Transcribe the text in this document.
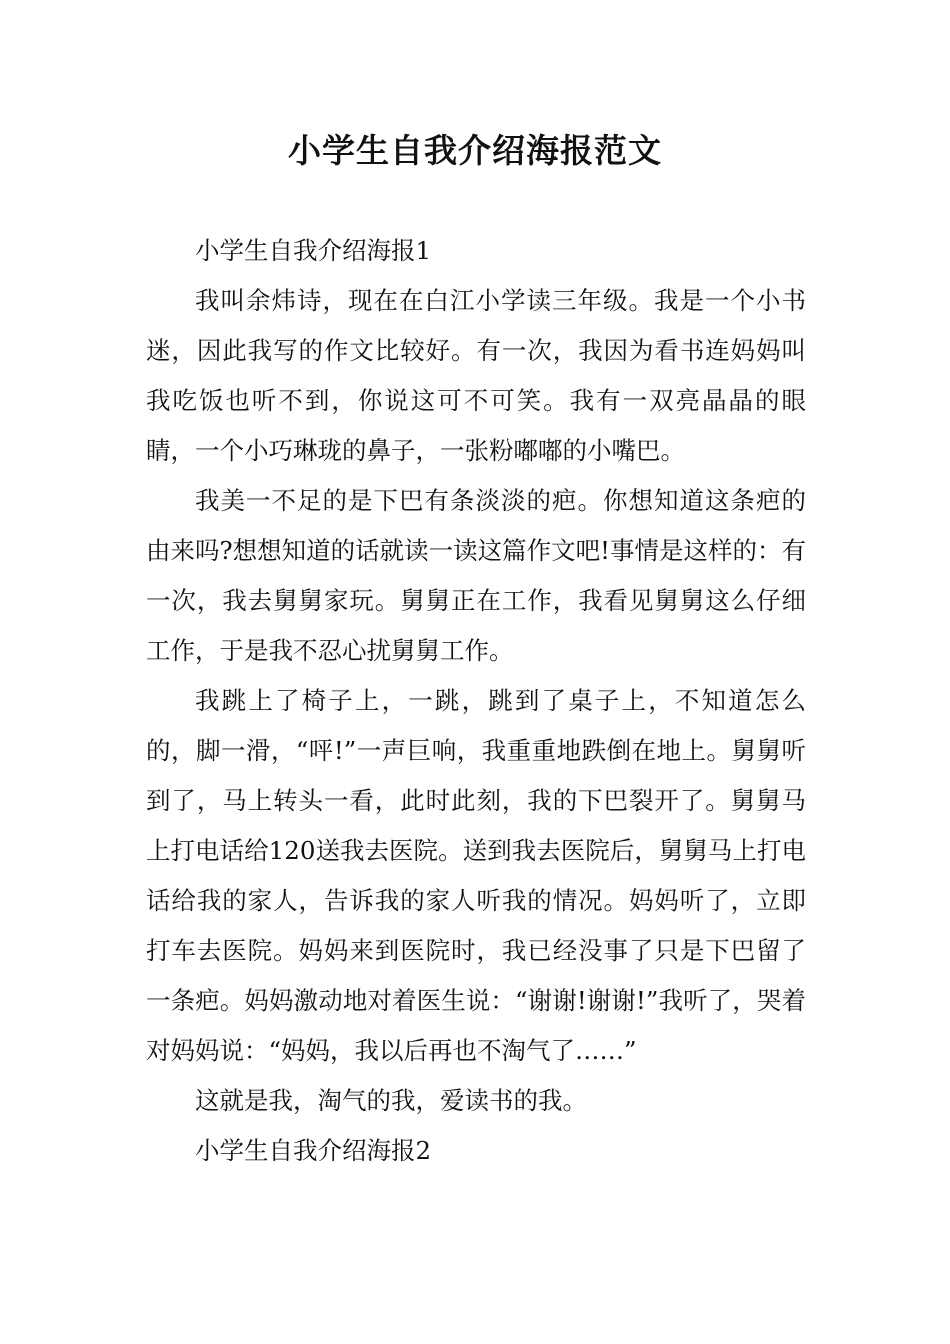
小学生自我介绍海报范文

小学生自我介绍海报1

我叫余炜诗，现在在白江小学读三年级。我是一个小书迷，因此我写的作文比较好。有一次，我因为看书连妈妈叫我吃饭也听不到，你说这可不可笑。我有一双亮晶晶的眼睛，一个小巧琳珑的鼻子，一张粉嘟嘟的小嘴巴。

我美一不足的是下巴有条淡淡的疤。你想知道这条疤的由来吗?想想知道的话就读一读这篇作文吧!事情是这样的：有一次，我去舅舅家玩。舅舅正在工作，我看见舅舅这么仔细工作，于是我不忍心扰舅舅工作。

我跳上了椅子上，一跳，跳到了桌子上，不知道怎么的，脚一滑，“呯!”一声巨响，我重重地跌倒在地上。舅舅听到了，马上转头一看，此时此刻，我的下巴裂开了。舅舅马上打电话给120送我去医院。送到我去医院后，舅舅马上打电话给我的家人，告诉我的家人听我的情况。妈妈听了，立即打车去医院。妈妈来到医院时，我已经没事了只是下巴留了一条疤。妈妈激动地对着医生说：“谢谢!谢谢!”我听了，哭着对妈妈说：“妈妈，我以后再也不淘气了……”

这就是我，淘气的我，爱读书的我。

小学生自我介绍海报2
